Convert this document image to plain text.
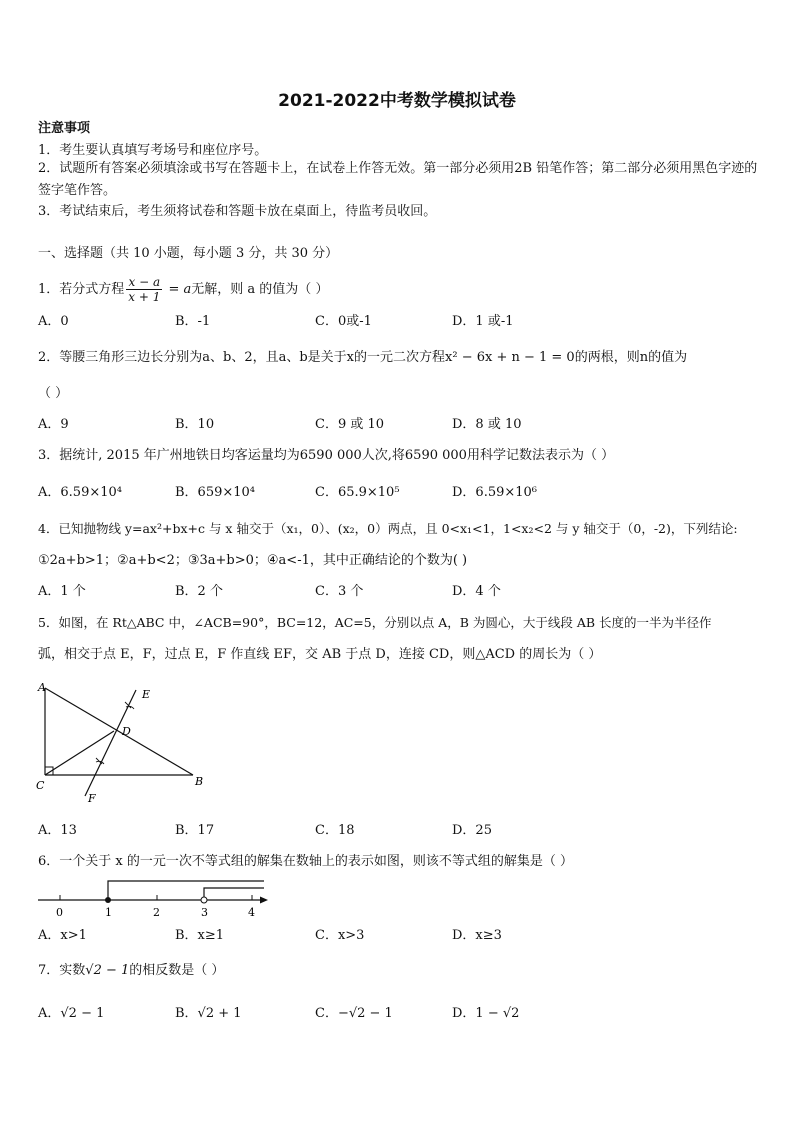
2021-2022中考数学模拟试卷
注意事项
1．考生要认真填写考场号和座位序号。
2．试题所有答案必须填涂或书写在答题卡上，在试卷上作答无效。第一部分必须用2B 铅笔作答；第二部分必须用黑色字迹的签字笔作答。
3．考试结束后，考生须将试卷和答题卡放在桌面上，待监考员收回。
一、选择题（共 10 小题，每小题 3 分，共 30 分）
1．若分式方程 $\frac{x - a}{x + 1} = a$无解，则 a 的值为（ ）
A．0	B．-1	C．0或-1	D．1 或-1
2．等腰三角形三边长分别为a、b、2，且a、b是关于x的一元二次方程x² − 6x + n − 1 = 0的两根，则n的值为
（ ）
A．9	B．10	C．9 或 10	D．8 或 10
3．据统计, 2015 年广州地铁日均客运量均为6590 000人次,将6590 000用科学记数法表示为（ ）
A．6.59×10⁴	B．659×10⁴	C．65.9×10⁵	D．6.59×10⁶
4．已知抛物线 y=ax²+bx+c 与 x 轴交于（x₁，0）、(x₂，0）两点，且 0<x₁<1，1<x₂<2 与 y 轴交于（0，-2)，下列结论:
①2a+b>1；②a+b<2；③3a+b>0；④a<-1，其中正确结论的个数为( )
A．1 个	B．2 个	C．3 个	D．4 个
5．如图，在 Rt△ABC 中，∠ACB=90°，BC=12，AC=5，分别以点 A，B 为圆心，大于线段 AB 长度的一半为半径作
弧，相交于点 E，F，过点 E，F 作直线 EF，交 AB 于点 D，连接 CD，则△ACD 的周长为（ ）
A
B
C
D
E
F
A．13	B．17	C．18	D．25
6．一个关于 x 的一元一次不等式组的解集在数轴上的表示如图，则该不等式组的解集是（ ）
0	1	2	3	4
A．x>1	B．x≥1	C．x>3	D．x≥3
7．实数√2 − 1的相反数是（ ）
A．√2 − 1	B．√2 + 1	C．−√2 − 1	D．1 − √2
